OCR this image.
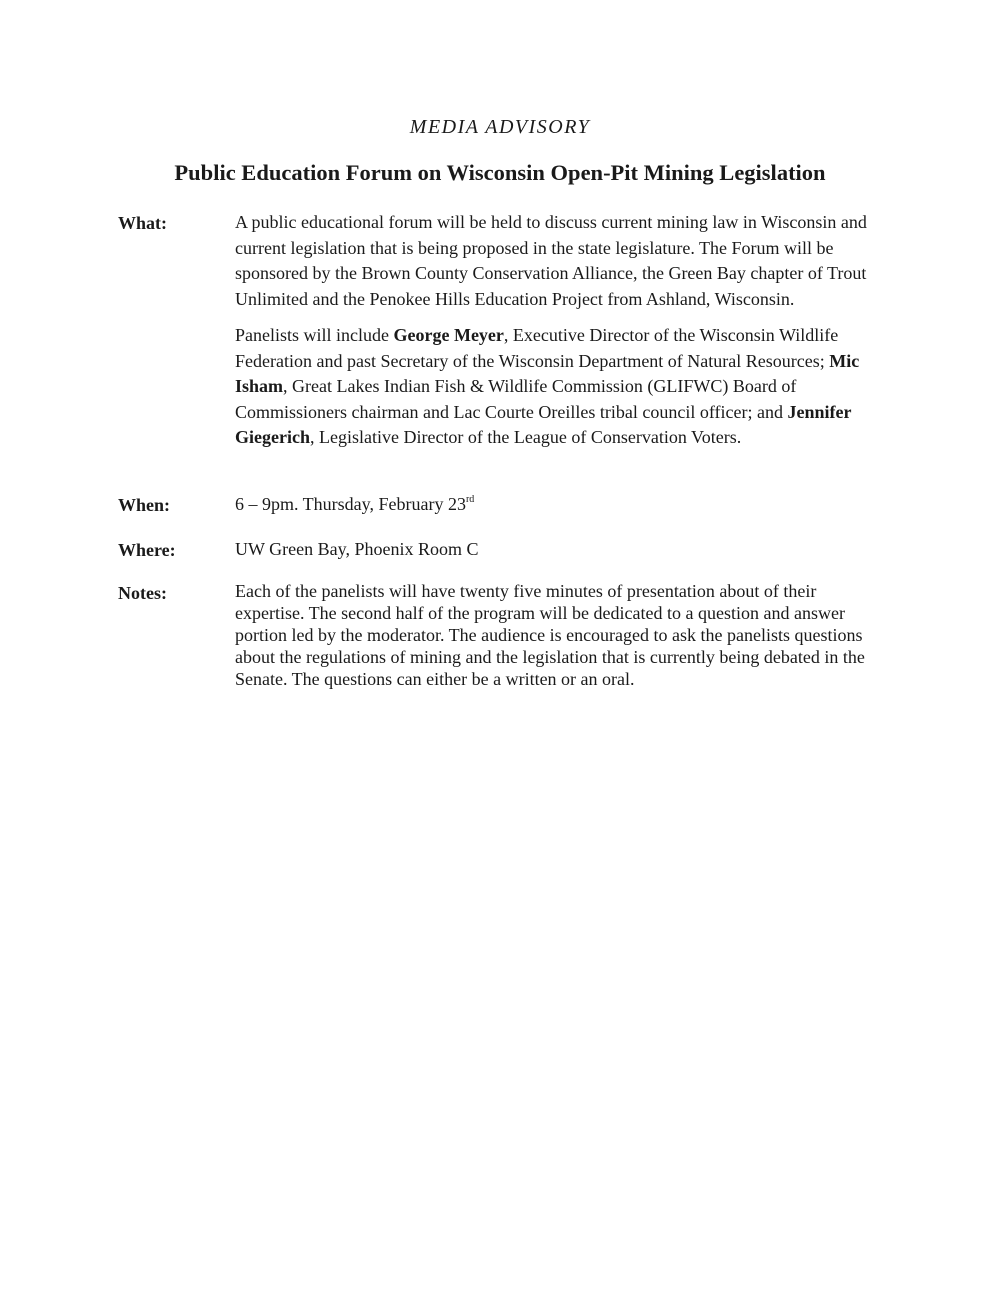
MEDIA ADVISORY
Public Education Forum on Wisconsin Open-Pit Mining Legislation
What:	A public educational forum will be held to discuss current mining law in Wisconsin and current legislation that is being proposed in the state legislature. The Forum will be sponsored by the Brown County Conservation Alliance, the Green Bay chapter of Trout Unlimited and the Penokee Hills Education Project from Ashland, Wisconsin.

Panelists will include George Meyer, Executive Director of the Wisconsin Wildlife Federation and past Secretary of the Wisconsin Department of Natural Resources; Mic Isham, Great Lakes Indian Fish & Wildlife Commission (GLIFWC) Board of Commissioners chairman and Lac Courte Oreilles tribal council officer; and Jennifer Giegerich, Legislative Director of the League of Conservation Voters.

When:	6 – 9pm. Thursday, February 23rd
Where:	UW Green Bay, Phoenix Room C
Notes:	Each of the panelists will have twenty five minutes of presentation about of their expertise. The second half of the program will be dedicated to a question and answer portion led by the moderator. The audience is encouraged to ask the panelists questions about the regulations of mining and the legislation that is currently being debated in the Senate. The questions can either be a written or an oral.
